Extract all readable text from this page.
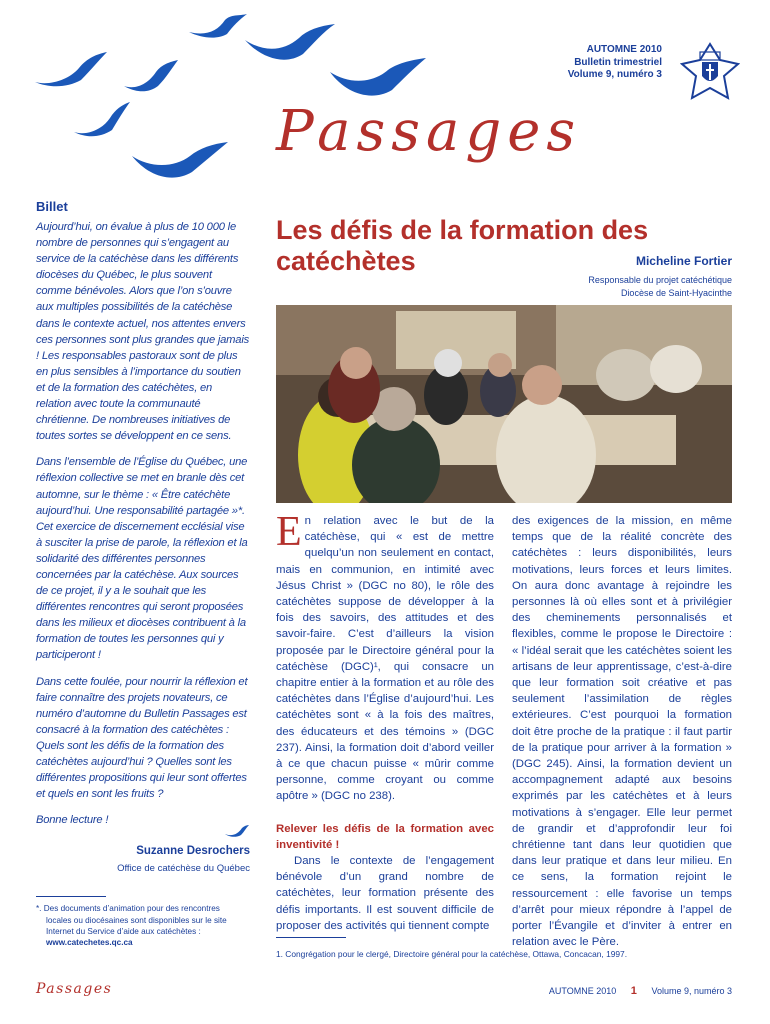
AUTOMNE 2010
Bulletin trimestriel
Volume 9, numéro 3
Passages
Billet

Aujourd’hui, on évalue à plus de 10 000 le nombre de personnes qui s’engagent au service de la catéchèse dans les différents diocèses du Québec, le plus souvent comme bénévoles. Alors que l’on s’ouvre aux multiples possibilités de la catéchèse dans le contexte actuel, nos attentes envers ces personnes sont plus grandes que jamais ! Les responsables pastoraux sont de plus en plus sensibles à l’importance du soutien et de la formation des catéchètes, en relation avec toute la communauté chrétienne. De nombreuses initiatives de toutes sortes se développent en ce sens.

Dans l’ensemble de l’Église du Québec, une réflexion collective se met en branle dès cet automne, sur le thème : « Être catéchète aujourd’hui. Une responsabilité partagée »*. Cet exercice de discernement ecclésial vise à susciter la prise de parole, la réflexion et la solidarité des différentes personnes concernées par la catéchèse. Aux sources de ce projet, il y a le souhait que les différentes rencontres qui seront proposées dans les milieux et diocèses contribuent à la formation de toutes les personnes qui y participeront !

Dans cette foulée, pour nourrir la réflexion et faire connaître des projets novateurs, ce numéro d’automne du Bulletin Passages est consacré à la formation des catéchètes : Quels sont les défis de la formation des catéchètes aujourd’hui ? Quelles sont les différentes propositions qui leur sont offertes et quels en sont les fruits ?

Bonne lecture !

Suzanne Desrochers
Office de catéchèse du Québec
*. Des documents d’animation pour des rencontres locales ou diocésaines sont disponibles sur le site Internet du Service d’aide aux catéchètes : www.catechetes.qc.ca
Les défis de la formation des catéchètes	Micheline Fortier
Responsable du projet catéchétique
Diocèse de Saint-Hyacinthe
E n relation avec le but de la catéchèse, qui « est de mettre quelqu’un non seulement en contact, mais en communion, en intimité avec Jésus Christ » (DGC no 80), le rôle des catéchètes suppose de développer à la fois des savoirs, des attitudes et des savoir-faire. C’est d’ailleurs la vision proposée par le Directoire général pour la catéchèse (DGC)¹, qui consacre un chapitre entier à la formation et au rôle des catéchètes dans l’Église d’aujourd’hui. Les catéchètes sont « à la fois des maîtres, des éducateurs et des témoins » (DGC 237). Ainsi, la formation doit d’abord veiller à ce que chacun puisse « mûrir comme personne, comme croyant ou comme apôtre » (DGC no 238).

Relever les défis de la formation avec inventivité !

Dans le contexte de l’engagement bénévole d’un grand nombre de catéchètes, leur formation présente des défis importants. Il est souvent difficile de proposer des activités qui tiennent compte

des exigences de la mission, en même temps que de la réalité concrète des catéchètes : leurs disponibilités, leurs motivations, leurs forces et leurs limites. On aura donc avantage à rejoindre les personnes là où elles sont et à privilégier des cheminements personnalisés et flexibles, comme le propose le Directoire : « l’idéal serait que les catéchètes soient les artisans de leur apprentissage, c’est-à-dire que leur formation soit créative et pas seulement l’assimilation de règles extérieures. C’est pourquoi la formation doit être proche de la pratique : il faut partir de la pratique pour arriver à la formation » (DGC 245). Ainsi, la formation devient un accompagnement adapté aux besoins exprimés par les catéchètes et à leurs motivations à s’engager. Elle leur permet de grandir et d’approfondir leur foi chrétienne tant dans leur quotidien que dans leur pratique et dans leur milieu. En ce sens, la formation rejoint le ressourcement : elle favorise un temps d’arrêt pour mieux répondre à l’appel de porter l’Évangile et d’inviter à entrer en relation avec le Père.

1. Congrégation pour le clergé, Directoire général pour la catéchèse, Ottawa, Concacan, 1997.
Passages	AUTOMNE 2010 1 Volume 9, numéro 3
